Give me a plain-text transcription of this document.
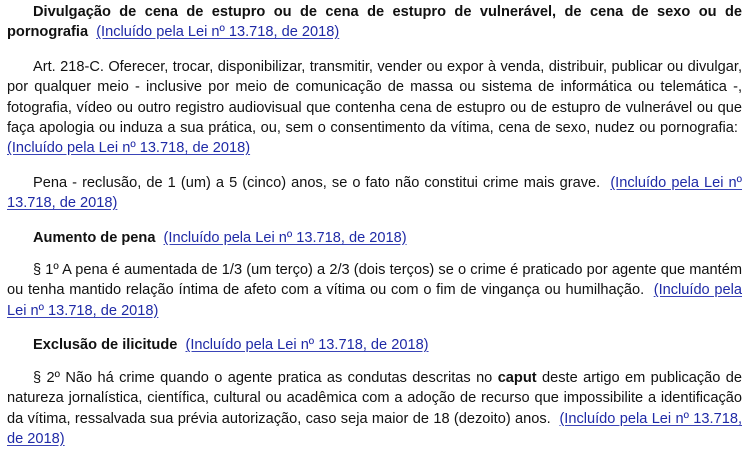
Divulgação de cena de estupro ou de cena de estupro de vulnerável, de cena de sexo ou de pornografia (Incluído pela Lei nº 13.718, de 2018)

Art. 218-C. Oferecer, trocar, disponibilizar, transmitir, vender ou expor à venda, distribuir, publicar ou divulgar, por qualquer meio - inclusive por meio de comunicação de massa ou sistema de informática ou telemática -, fotografia, vídeo ou outro registro audiovisual que contenha cena de estupro ou de estupro de vulnerável ou que faça apologia ou induza a sua prática, ou, sem o consentimento da vítima, cena de sexo, nudez ou pornografia:  (Incluído pela Lei nº 13.718, de 2018)

Pena - reclusão, de 1 (um) a 5 (cinco) anos, se o fato não constitui crime mais grave. (Incluído pela Lei nº 13.718, de 2018)

Aumento de pena (Incluído pela Lei nº 13.718, de 2018)

§ 1º A pena é aumentada de 1/3 (um terço) a 2/3 (dois terços) se o crime é praticado por agente que mantém ou tenha mantido relação íntima de afeto com a vítima ou com o fim de vingança ou humilhação. (Incluído pela Lei nº 13.718, de 2018)

Exclusão de ilicitude (Incluído pela Lei nº 13.718, de 2018)

§ 2º Não há crime quando o agente pratica as condutas descritas no caput deste artigo em publicação de natureza jornalística, científica, cultural ou acadêmica com a adoção de recurso que impossibilite a identificação da vítima, ressalvada sua prévia autorização, caso seja maior de 18 (dezoito) anos. (Incluído pela Lei nº 13.718, de 2018)
